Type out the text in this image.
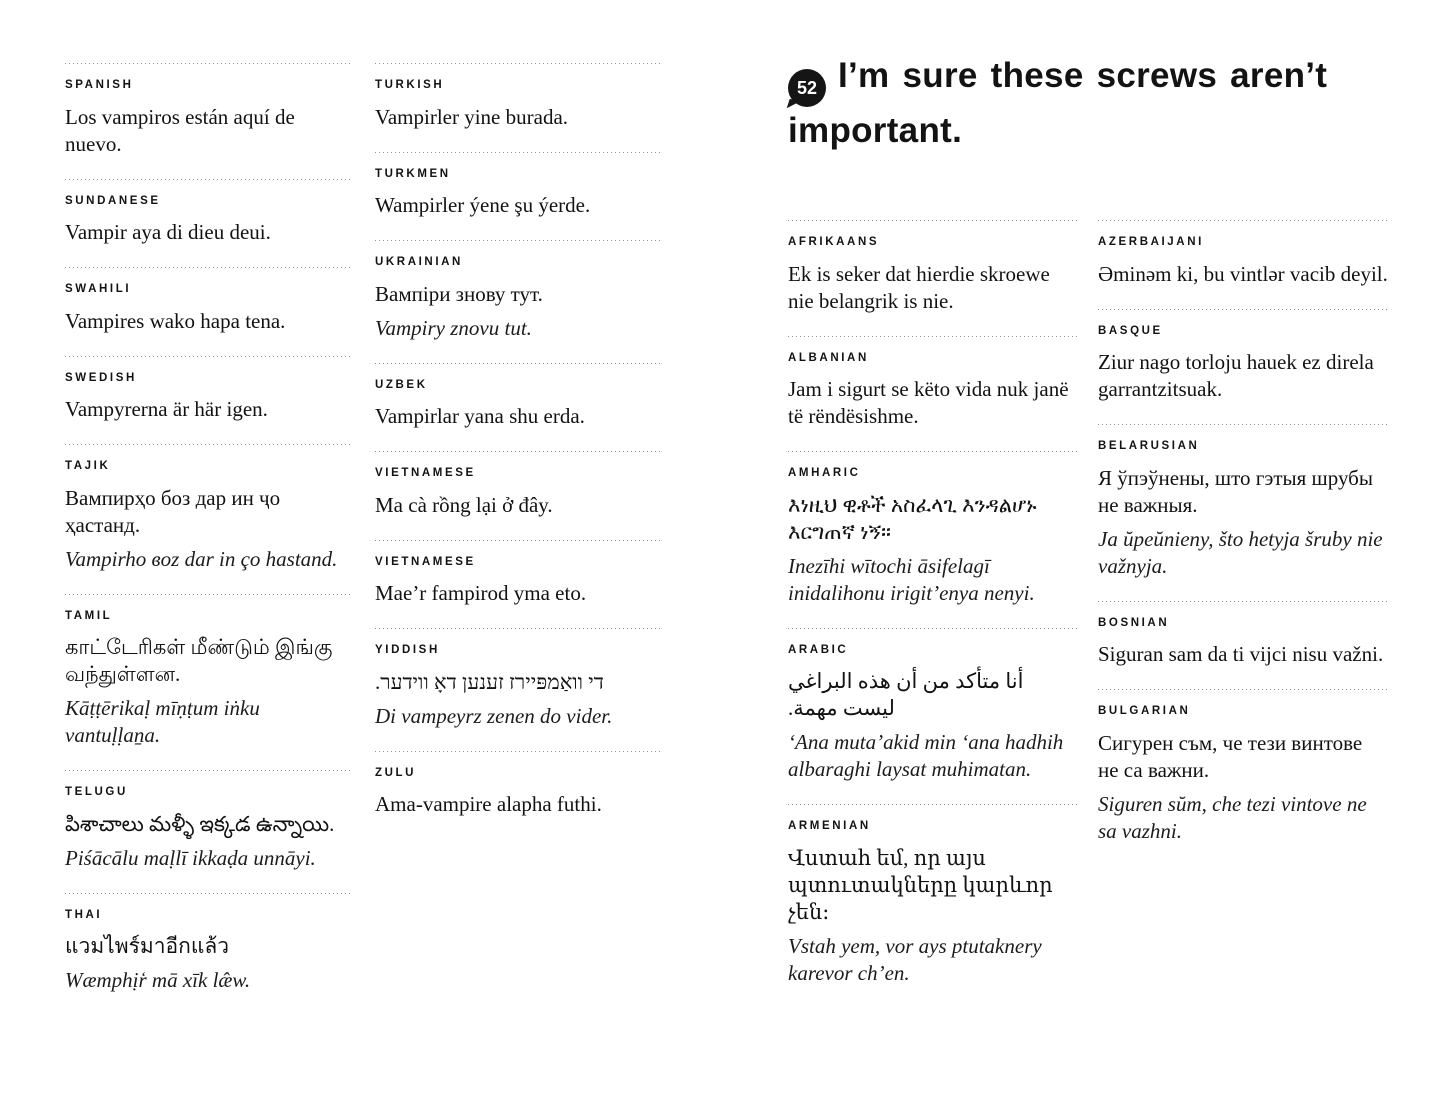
SPANISH

Los vampiros están aquí de nuevo.

SUNDANESE

Vampir aya di dieu deui.

SWAHILI

Vampires wako hapa tena.

SWEDISH

Vampyrerna är här igen.

TAJIK

Вампирҳо боз дар ин ҷо ҳастанд.

Vampirho вoz dar in ço hastand.

TAMIL

காட்டேரிகள் மீண்டும் இங்கு வந்துள்ளன.

Kāṭṭērikaḷ mīṇṭum iṅku vantuḷḷaṉa.

TELUGU

పిశాచాలు మళ్ళీ ఇక్కడ ఉన్నాయి.

Piśācālu maḷlī ikkaḍa unnāyi.

THAI

แวมไพร์มาอีกแล้ว

Wæmphịr̒ mā xīk læ̂w.

TURKISH

Vampirler yine burada.

TURKMEN

Wampirler ýene şu ýerde.

UKRAINIAN

Вампіри знову тут.

Vampiry znovu tut.

UZBEK

Vampirlar yana shu erda.

VIETNAMESE

Ma cà rồng lại ở đây.

VIETNAMESE

Mae’r fampirod yma eto.

YIDDISH

די וואַמפּיירז זענען דאָ ווידער.

Di vampeyrz zenen do vider.

ZULU

Ama-vampire alapha futhi.

52 I’m sure these screws aren’t important.
AFRIKAANS

Ek is seker dat hierdie skroewe nie belangrik is nie.

ALBANIAN

Jam i sigurt se këto vida nuk janë të rëndësishme.

AMHARIC

እነዚህ ዊቶች አስፈላጊ እንዳልሆኑ እርግጠኛ ነኝ።

Inezīhi wītochi āsifelagī inidalihonu irigit’enya nenyi.

ARABIC

أنا متأكد من أن هذه البراغي ليست مهمة.

‘Ana muta’akid min ‘ana hadhih albaraghi laysat muhimatan.

ARMENIAN

Վստահ եմ, որ այս պտուտակները կարևոր չեն։

Vstah yem, vor ays ptutaknery karevor ch’en.

AZERBAIJANI

Əminəm ki, bu vintlər vacib deyil.

BASQUE

Ziur nago torloju hauek ez direla garrantzitsuak.

BELARUSIAN

Я ўпэўнены, што гэтыя шрубы не важныя.

Ja ŭpeŭnieny, što hetyja šruby nie važnyja.

BOSNIAN

Siguran sam da ti vijci nisu važni.

BULGARIAN

Сигурен съм, че тези винтове не са важни.

Siguren sŭm, che tezi vintove ne sa vazhni.
